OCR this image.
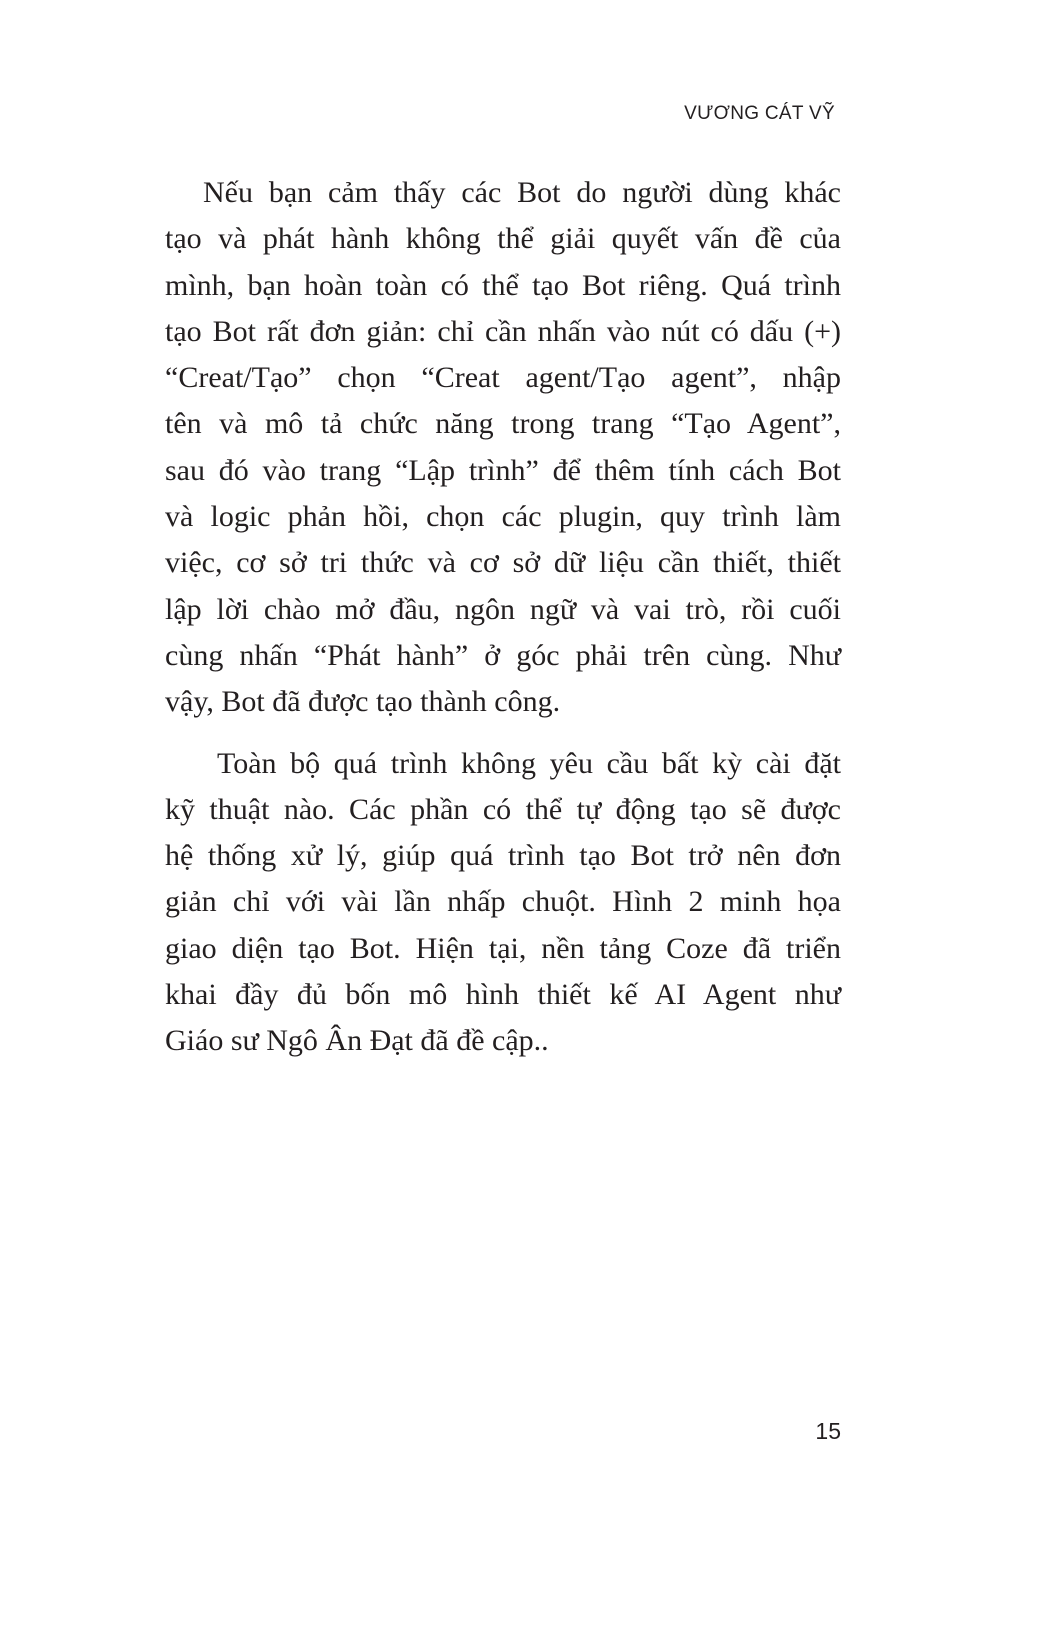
VƯƠNG CÁT VỸ
Nếu bạn cảm thấy các Bot do người dùng khác
tạo và phát hành không thể giải quyết vấn đề của
mình, bạn hoàn toàn có thể tạo Bot riêng. Quá trình
tạo Bot rất đơn giản: chỉ cần nhấn vào nút có dấu (+)
“Creat/Tạo” chọn “Creat agent/Tạo agent”, nhập
tên và mô tả chức năng trong trang “Tạo Agent”,
sau đó vào trang “Lập trình” để thêm tính cách Bot
và logic phản hồi, chọn các plugin, quy trình làm
việc, cơ sở tri thức và cơ sở dữ liệu cần thiết, thiết
lập lời chào mở đầu, ngôn ngữ và vai trò, rồi cuối
cùng nhấn “Phát hành” ở góc phải trên cùng. Như
vậy, Bot đã được tạo thành công.
Toàn bộ quá trình không yêu cầu bất kỳ cài đặt
kỹ thuật nào. Các phần có thể tự động tạo sẽ được
hệ thống xử lý, giúp quá trình tạo Bot trở nên đơn
giản chỉ với vài lần nhấp chuột. Hình 2 minh họa
giao diện tạo Bot. Hiện tại, nền tảng Coze đã triển
khai đầy đủ bốn mô hình thiết kế AI Agent như
Giáo sư Ngô Ân Đạt đã đề cập..
15
